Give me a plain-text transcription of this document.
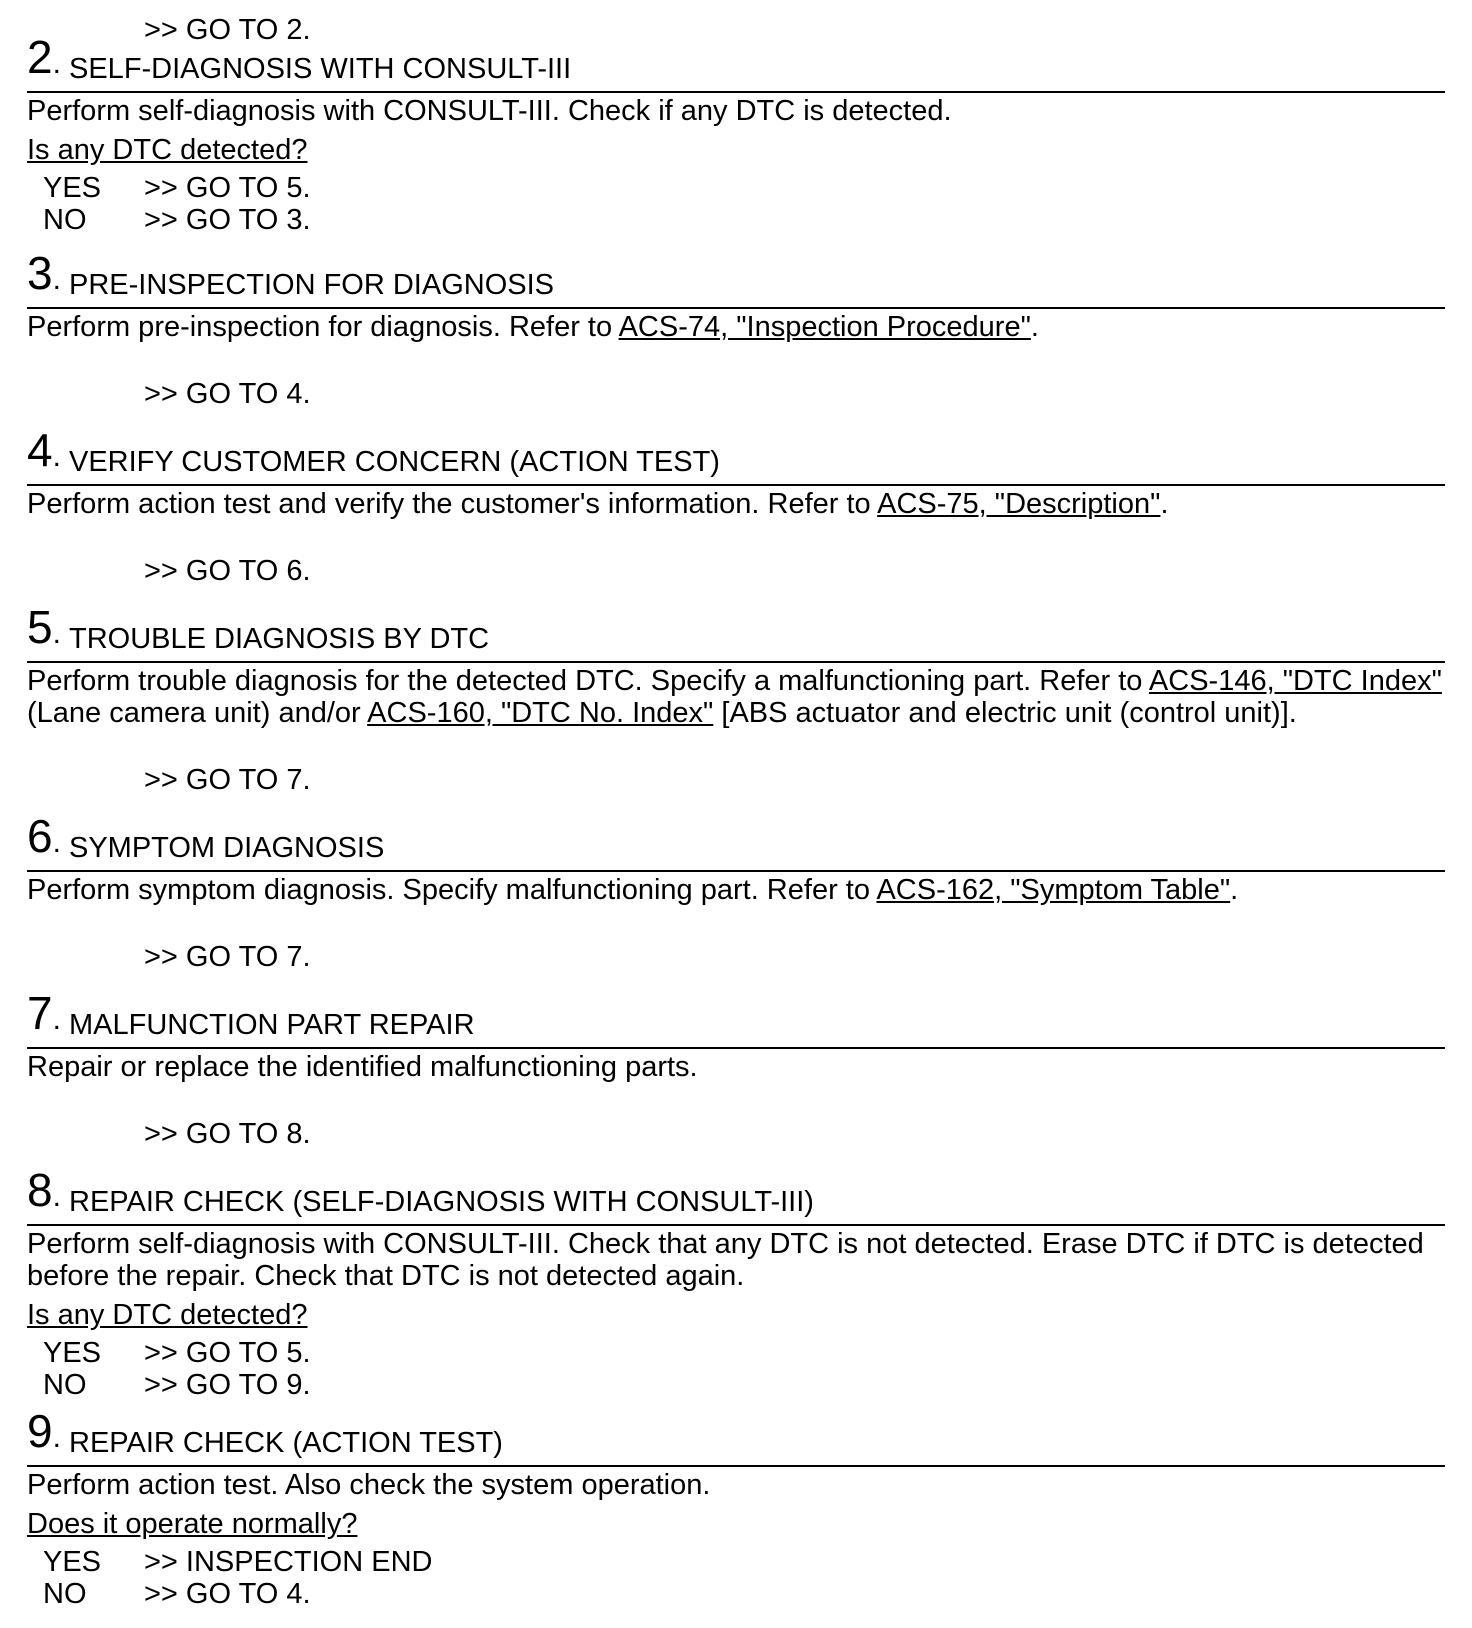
>> GO TO 2.
2. SELF-DIAGNOSIS WITH CONSULT-III

Perform self-diagnosis with CONSULT-III. Check if any DTC is detected.

Is any DTC detected?
YES >> GO TO 5.
NO >> GO TO 3.
3. PRE-INSPECTION FOR DIAGNOSIS

Perform pre-inspection for diagnosis. Refer to ACS-74, "Inspection Procedure".

>> GO TO 4.
4. VERIFY CUSTOMER CONCERN (ACTION TEST)

Perform action test and verify the customer's information. Refer to ACS-75, "Description".

>> GO TO 6.
5. TROUBLE DIAGNOSIS BY DTC

Perform trouble diagnosis for the detected DTC. Specify a malfunctioning part. Refer to ACS-146, "DTC Index"
(Lane camera unit) and/or ACS-160, "DTC No. Index" [ABS actuator and electric unit (control unit)].

>> GO TO 7.
6. SYMPTOM DIAGNOSIS

Perform symptom diagnosis. Specify malfunctioning part. Refer to ACS-162, "Symptom Table".

>> GO TO 7.
7. MALFUNCTION PART REPAIR

Repair or replace the identified malfunctioning parts.

>> GO TO 8.
8. REPAIR CHECK (SELF-DIAGNOSIS WITH CONSULT-III)

Perform self-diagnosis with CONSULT-III. Check that any DTC is not detected. Erase DTC if DTC is detected
before the repair. Check that DTC is not detected again.

Is any DTC detected?
YES >> GO TO 5.
NO >> GO TO 9.
9. REPAIR CHECK (ACTION TEST)

Perform action test. Also check the system operation.

Does it operate normally?
YES >> INSPECTION END
NO >> GO TO 4.
